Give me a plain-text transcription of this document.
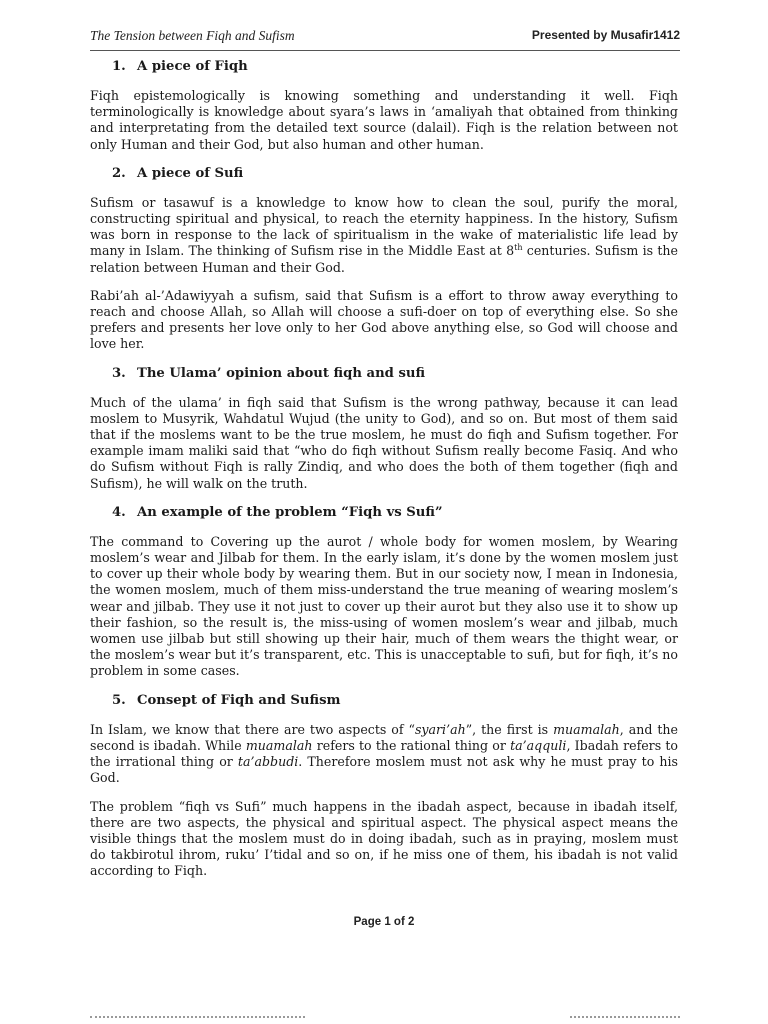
The Tension between Fiqh and Sufism	Presented by Musafir1412
1. A piece of Fiqh

Fiqh epistemologically is knowing something and understanding it well. Fiqh terminologically is knowledge about syara’s laws in ‘amaliyah that obtained from thinking and interpretating from the detailed text source (dalail). Fiqh is the relation between not only Human and their God, but also human and other human.

2. A piece of Sufi

Sufism or tasawuf is a knowledge to know how to clean the soul, purify the moral, constructing spiritual and physical, to reach the eternity happiness. In the history, Sufism was born in response to the lack of spiritualism in the wake of materialistic life lead by many in Islam. The thinking of Sufism rise in the Middle East at 8th centuries. Sufism is the relation between Human and their God.

Rabi’ah al-’Adawiyyah a sufism, said that Sufism is a effort to throw away everything to reach and choose Allah, so Allah will choose a sufi-doer on top of everything else. So she prefers and presents her love only to her God above anything else, so God will choose and love her.

3. The Ulama’ opinion about fiqh and sufi

Much of the ulama’ in fiqh said that Sufism is the wrong pathway, because it can lead moslem to Musyrik, Wahdatul Wujud (the unity to God), and so on. But most of them said that if the moslems want to be the true moslem, he must do fiqh and Sufism together. For example imam maliki said that “who do fiqh without Sufism really become Fasiq. And who do Sufism without Fiqh is rally Zindiq, and who does the both of them together (fiqh and Sufism), he will walk on the truth.

4. An example of the problem “Fiqh vs Sufi”

The command to Covering up the aurot / whole body for women moslem, by Wearing moslem’s wear and Jilbab for them. In the early islam, it’s done by the women moslem just to cover up their whole body by wearing them. But in our society now, I mean in Indonesia, the women moslem, much of them miss-understand the true meaning of wearing moslem’s wear and jilbab. They use it not just to cover up their aurot but they also use it to show up their fashion, so the result is, the miss-using of women moslem’s wear and jilbab, much women use jilbab but still showing up their hair, much of them wears the thight wear, or the moslem’s wear but it’s transparent, etc. This is unacceptable to sufi, but for fiqh, it’s no problem in some cases.

5. Consept of Fiqh and Sufism

In Islam, we know that there are two aspects of “syari’ah”, the first is muamalah, and the second is ibadah. While muamalah refers to the rational thing or ta’aqquli, Ibadah refers to the irrational thing or ta’abbudi. Therefore moslem must not ask why he must pray to his God.

The problem “fiqh vs Sufi” much happens in the ibadah aspect, because in ibadah itself, there are two aspects, the physical and spiritual aspect. The physical aspect means the visible things that the moslem must do in doing ibadah, such as in praying, moslem must do takbirotul ihrom, ruku’ I’tidal and so on, if he miss one of them, his ibadah is not valid according to Fiqh.

Page 1 of 2
